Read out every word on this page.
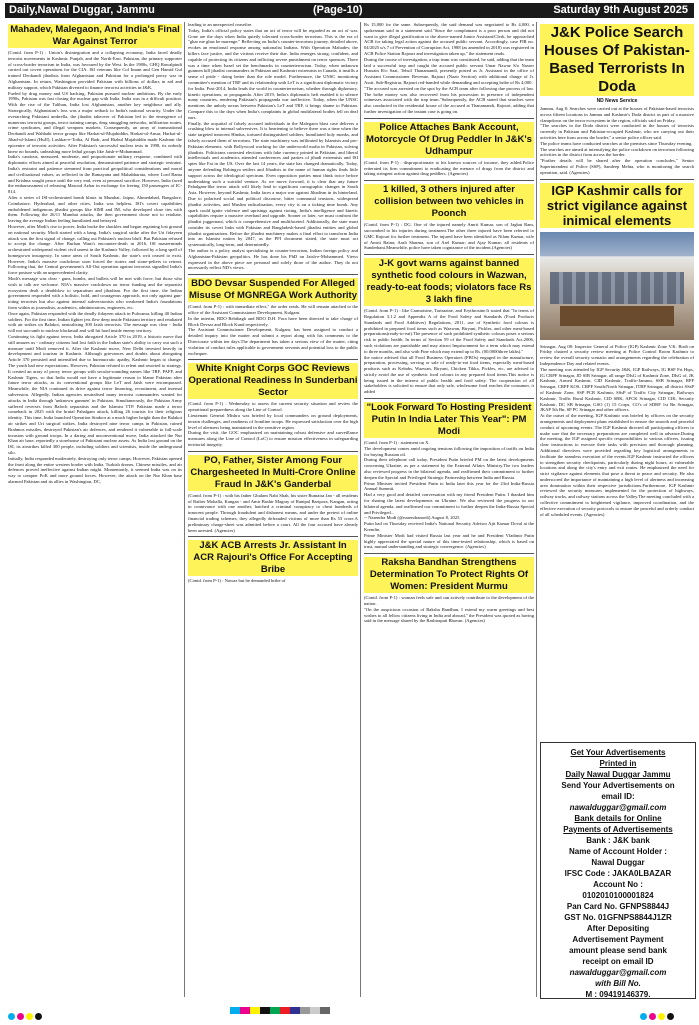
Daily,Nawal Duggar, Jammu	(Page-10)	Saturday 9th August 2025
Mahadev, Malegaon, And India's Final War Against Terror

(Contd. from P-1) : Union's disintegration and a collapsing economy, India faced deadly terrorist movements in Kashmir, Punjab, and the North-East. Pakistan, the primary supporter of cross-border terrorism in India, was favoured by the West. In the 1980s, GHQ Rawalpindi carried out covert operations for the CIA. ISI veterans like Col Imam and Gen Hamid Gul trained Deobandi jihadists from Afghanistan and Pakistan for a prolonged proxy war in Afghanistan. In return, Washington provided Pakistan with billions of dollars in aid and military support, which Pakistan diverted to finance terrorist activities in J&K.

Fueled by drug money and US backing, Pakistan pursued nuclear ambitions. By the early 1990s, Pakistan was fast closing the nuclear gap with India. India was in a difficult position. With the rise of the Taliban, India lost Afghanistan, another key neighbour and ally. Strategically, Afghanistan's loss was a major setback to India's national security. Under the overarching Pakistani umbrella, the jihadist takeover of Pakistan led to the emergence of numerous terrorist groups, terror training camps, drug smuggling networks, infiltration routes, crime syndicates, and illegal weapons markets. Consequently, an array of transnational Deobandi and Wahhabi terror groups like Harkat-ul-Mujahiddin, Harkat-ul-Ansar, Harkat-ul-Jihad-ul-Islami (HuJI), Lashkar-e-Toiba, Al Badr, and Hizbul Mujahiddin made Kashmir the epicentre of terrorist activities. After Pakistan's successful nuclear tests in 1998, its nobody knew no bounds, unleashing more lethal groups like Jaish-e-Mohammad.

India's cautious, measured, moderate, and proportionate military response, combined with diplomatic efforts aimed at peaceful resolution, demonstrated patience and strategic restraint. India's restraint and patience stemmed from practical geopolitical considerations and moral and civilisational values, as reflected in the Ramayana and Mahabharata, where Lord Rama and Krishna sought peace until the very end, even at personal sacrifice. However, India faced the embarrassment of releasing Masood Azhar in exchange for freeing 150 passengers of IC-814.

After a series of ISI-orchestrated bomb blasts in Mumbai, Jaipur, Ahmedabad, Bangalore, Coimbatore, Hyderabad, and other cities, India was helpless. ISI's covert capabilities emboldened indigenous jihadist groups like SIMI and IM, who developed close ties with them. Following the 26/11 Mumbai attacks, the then government chose not to retaliate, leaving the average Indian feeling humiliated and betrayed.

However, after Modi's rise to power, India broke the shackles and began regaining lost ground on national security. Modi started with a bang. India's surgical strike after the Uri fidayeen attack was the first signal of change, calling out Pakistan's nuclear bluff. But Pakistan refused to accept the change. After Burhan Wani's encounter-death in 2016, ISI masterminds orchestrated widespread violent civil unrest in the Kashmir Valley, followed by a long spell of homegrown insurgency. In some areas of South Kashmir, the state's writ ceased to exist. However, India's massive crackdown soon forced the rioters and stone-pelters to retreat. Following that, the Central government's All-Out operation against terrorists signalled India's force posture with an unprecedented clarity.

Modi's message was clear - guns, bombs, and bullets will be met with force, but those who wish to talk are welcome. NIA's massive crackdown on terror funding and the separatist ecosystem dealt a deathblow to separatism and jihadism. For the first time, the Indian government responded with a holistic, bold, and courageous approach, not only against gun-toting terrorists but also against internal subversionists who weakened India's foundations from within as journalists, academics, administrators, engineers, etc.

Once again, Pakistan responded with the deadly fidayeen attack in Pulwama, killing 40 Indian soldiers. For the first time, Indian fighter jets flew deep inside Pakistani territory and retaliated with air strikes on Balakot, neutralising 300 Jaish terrorists. The message was clear - India will not succumb to nuclear blackmail and will hit hard inside enemy territory.

Continuing its fight against terror, India abrogated Article 370 in 2019, a historic move that still amazes us - ordinary citizens had lost faith in the Indian state's ability to carry out such a measure until Modi removed it. After the Kashmir move, New Delhi invested heavily in development and tourism in Kashmir. Although grievances and doubts about abrogating Article 370 persisted and intensified due to bureaucratic apathy, Kashmir began to change. The youth had new expectations. However, Pakistan refused to relent and resorted to strategy. It created an array of proxy terror groups with secular-sounding names like TRF, PAFF, and Kashmir Tigers, so that India would not have a legitimate reason to blame Pakistan after future terror attacks, as its conventional groups like LeT and Jaish were encompassed. Meanwhile, the NIA continued its drive against terror financing, recruitment, and internal subversion. Allegedly, Indian agencies neutralised many terrorist commanders wanted for attacks in India through 'unknown gunmen' in Pakistan. Simultaneously, the Pakistan Army suffered reverses from Baloch separatists and the Islamist TTP. Pakistan made a terror comeback in 2025 with the brutal Pahalgam attack, killing 26 tourists for their religious identity. This time, India launched Operation Sindoor at a much higher height than the Balakot air strikes and Uri surgical strikes. India destroyed nine terror camps in Pakistan, ruined Brahmos missiles, destroyed Pakistan's air defences, and rendered it vulnerable to full-scale invasion with ground troops. In a daring and unconventional move, India attacked the Nur Khan air base, reportedly a storehouse of Pakistani nuclear assets. As India lost ground on the ISI, its airstrikes killed 300 people, including soldiers and scientists, inside the underground silo.

Initially, India responded moderately, destroying only terror camps. However, Pakistan opened the front along the entire western border with India. Turkish drones, Chinese missiles, and air defences proved ineffective against Indian might. Momentarily, it seemed India was on its way to conquer PoK and more ground forces. However, the attack on the Nur Khan base alarmed Pakistan and its allies in Washington, DC,

leading to an unexpected ceasefire.

Today, India's official policy states that an act of terror will be regarded as an act of war. Gone are the days when India quietly tolerated cross-border terrorism. This is the era of "ghar me ghus ke marenge." Reflecting on India's counter-terrorism journey, detailed above, evokes an emotional response among nationalist Indians. With Operation Mahadev, the killers face justice, and the victims receive their due. India emerges strong, confident, and capable of protecting its citizens and inflicting severe punishment on terror sponsors. There was a time when Israel set the benchmarks in counterterrorism. Today, when unknown gunmen kill jihadist commanders in Pakistan and Kashmiri extremists in Canada, it instills a sense of pride - doing better than the role model. Furthermore, the UNSC monitoring committee's mention of TRF and its relationship with LeT is a significant diplomatic victory for India. Post-2014, India leads the world in counterterrorism, whether through diplomacy, kinetic operations, or propaganda. After 2019, India's diplomatic heft enabled it to silence many countries, rendering Pakistan's propaganda war ineffective. Today, when the UNSC mentions the unholy nexus between Pakistan's LeT and TRF, it brings shame to Pakistan. Compare this to the days when India's complaints in global multilateral bodies fell on deaf ears.

Finally, the acquittal of falsely accused individuals in the Malegaon blast case delivers a crushing blow to internal subversives. It is heartening to believe there was a time when the state targeted innocent Hindus, tortured distinguished soldiers, humiliated holy monks, and falsely accused them of terrorism. The state machinery was infiltrated by Islamists and pro-Pakistan elements, with Bollywood working for the underworld mafia in Pakistan, solving jihadists. Politicians contested elections with fake currency printed in Pakistan, and liberal intellectuals and academics attended conferences and parties of jihadi extremists and ISI spies like Fai in the US. Over the last 14 years, the state has changed dramatically. Today, anyone defending Rohingya settlers and Jihadists in the name of human rights finds little support across the ideological spectrum. Even opposition parties must think twice before undertaking such a suicidal venture. As we move forward, it is clear that any future Pahalgam-like terror attack will likely lead to significant cartographic changes in South Asia. However, beyond Kashmir, India faces a major war against Jihadism in its hinterland. Due to polarised social and political discourse, bitter communal tensions, widespread jihadist activities, and Muslim radicalisation, every city is on a ticking time bomb. Any spark could ignite violence and uprisings against rioting. India's intelligence and kinetic capabilities require a massive overhaul and upgrade. Sooner or later, we must confront the jihadist juggernaut, which is comprehensive and multifaceted. Additionally, the state must consider its covert links with Pakistan and Bangladesh-based jihadist entities and global jihadist organisations. Before the jihadist machinery makes a final effort to transform India into an Islamist nation by 2047, as the PFI document stated, the state must act systematically, long-term, and determinedly.

The author is a policy analyst specialising in counter-terrorism, Indian foreign policy and Afghanistan-Pakistan geopolitics. He has done his PhD on Jaish-e-Mohammed. Views expressed in the above piece are personal and solely those of the author. They do not necessarily reflect ND's views.

BDO Devsar Suspended For Alleged Misuse Of MGNREGA Work Authority

(Contd. from P-1) : with immediate effect," the order reads. He will remain attached to the office of the Assistant Commissioner Development, Kulgam.

In the interim, BDO Behibagh and BDO D.H. Pora have been directed to take charge of Block Devsar and Block Kund respectively.

The Assistant Commissioner Development, Kulgam, has been assigned to conduct a detailed inquiry into the matter and submit a report along with his comments to the Directorate within ten days.The department has taken a serious view of the matter, citing violation of conduct rules applicable to government servants and potential loss to the public exchequer.

White Knight Corps GOC Reviews Operational Readiness In Sunderbani Sector

(Contd. from P-1) : Wednesday to assess the current security situation and review the operational preparedness along the Line of Control.

Lieutenant General Mishra was briefed by local commanders on ground deployments, terrain challenges, and readiness of frontline troops. He expressed satisfaction over the high level of alertness being maintained in the sensitive region.

During the visit, the GOC emphasized on maintaining robust defensive and surveillance measures along the Line of Control (LoC) to ensure mission effectiveness in safeguarding territorial integrity.

PO, Father, Sister Among Four Chargesheeted In Multi-Crore Online Fraud In J&K's Ganderbal

(Contd. from P-1) : with his father Ghulam Nabi Shah, his sister Rumaisa Jan - all residents of Rather Mohalla, Kangan - and Amir Bashir Magray of Ranipal Baripora, Kangan, acting in connivance with one another, hatched a criminal conspiracy to cheat hundreds of innocent people. Through fraudulent and dishonest means, and under the pretext of online financial trading schemes, they allegedly defrauded victims of more than Rs 53 crore.A preliminary charge-sheet was admitted before a court. All the four accused have already been arrested. (Agencies)

J&K ACB Arrests Jr. Assistant In ACR Rajouri's Office For Accepting Bribe

(Contd. from P-1) : Nawaz but he demanded bribe of

Rs 15,000 for the same. Subsequently, the said demand was negotiated to Rs 4,000, a spokesman said in a statement said."Since the complainant is a poor person and did not want to give illegal gratification to the above-named Junior Assistant/Clerk, he approached ACB for taking legal action against the accused public servant. Accordingly, case FIR no. 04/2025 u/s 7 of Prevention of Corruption Act, 1988 (as amended in 2018) was registered in ACB Police Station Rajouri and investigation taken up," the statement reads.

During the course of investigation, a trap team was constituted, he said, adding that the team laid a successful trap and caught the accused public servant Umar Nawaz S/o Nasser Hussain R/o Saat, Tehsil Thanamandi, presently posted as Jr. Assistant in the office of Assistant Commissioner Revenue, Rajouri (Nazir Section) with additional charge of Jr. Asstt. Sub-Registrar, Rajouri red-handed while demanding and accepting bribe of Rs 4,000.

"The accused was arrested on the spot by the ACB team after following due process of law. The bribe money was also recovered from his possession in presence of independent witnesses associated with the trap team."Subsequently, the ACB stated that searches were also conducted in the residential house of the accused at Thanamandi, Rajouri, adding that further investigation of the instant case is going on.

Police Attaches Bank Account, Motorcycle Of Drug Peddler In J&K's Udhampur

(Contd. from P-1) : disproportionate to his known sources of income, they added.Police reiterated its firm commitment to eradicating the menace of drugs from the district and taking stringent action against drug peddlers. (Agencies)

1 killed, 3 others injured after collision between two vehicles in Poonch

(Contd. from P-1) : DG. One of the injured namely Amrit Kumar, son of Jagbat Ram, succumbed to his injuries during treatment.The other three injured have been referred to GMC Rajouri for further treatment. The injured have been identified as Nilam Kumar, wife of Amrit Raina; Aash Sharma, son of Arel Kumar; and Ajay Kumar; all residents of Sunderbani.Meanwhile, police have taken cognizance of the incident.(Agencies)

J-K govt warns against banned synthetic food colours in Wazwan, ready-to-eat foods; violators face Rs 3 lakh fine

(Contd. from P-1) : like Carmoisine, Tartrazine, and Erythrosine.It stated that "In terms of Regulation 3.1.2 and Appendix A of the Food Safety and Standards (Food Products Standards and Food Additives) Regulations, 2011, use of Synthetic food colours is prohibited in prepared food items such as Wazwan, Biryani, Pickles, and other meat-based preparations(ready-to-eat).The presence of such prohibited synthetic colours poses a serious risk to public health. In terms of Section 59 of the Food Safety and Standards Act,2006, such violations are punishable and may attract Imprisonment for a term which may extend to three months, and also with Fine which may extend up to Rs. (00,0000three lakhs)."

the notice advised that all Food Business Operators (FBOs) engaged in the manufacture, preparation, processing, serving or sale of ready-to-eat food items, especially meat-based products such as Kebabs, Wazwan, Biryani, Chicken Tikka, Pickles, etc, are advised to strictly avoid the use of synthetic food colours in any prepared food items.This notice is being issued in the interest of public health and food safety. The cooperation of all stakeholders is solicited to ensure that only safe, wholesome food reaches the consumer, it added

"Look Forward To Hosting President Putin In India Later This Year": PM Modi

(Contd. from P-1) : statement on X.

The development comes amid ongoing tensions following the imposition of tariffs on India for buying Russian oil.

During their telephone call today, President Putin briefed PM on the latest developments concerning Ukraine, as per a statement by the External Affairs Ministry.The two leaders also reviewed progress in the bilateral agenda, and reaffirmed their commitment to further deepen the Special and Privileged Strategic Partnership between India and Russia.

Prime Minister invited President Putin to India later this year for the 23rd India-Russia Annual Summit.

Had a very good and detailed conversation with my friend President Putin. I thanked him for sharing the latest developments on Ukraine. We also reviewed the progress in our bilateral agenda, and reaffirmed our commitment to further deepen the India-Russia Special and Privileged...

-- Narendra Modi (@narendramodi) August 8, 2025

Putin had on Thursday received India's National Security Advisor Ajit Kumar Doval at the Kremlin.

Prime Minister Modi had visited Russia last year and he and President Vladimir Putin highly appreciated the special nature of this time-tested relationship, which is based on trust, mutual understanding and strategic convergence. (Agencies)

Raksha Bandhan Strengthens Determination To Protect Rights Of Women: President Murmu

(Contd. from P-1) : woman feels safe and can actively contribute to the development of the nation.

"On the auspicious occasion of Raksha Bandhan, I extend my warm greetings and best wishes to all fellow citizens living in India and abroad," the President was quoted as having said in the message shared by the Rashtrapati Bhavan. (Agencies)

J&K Police Search Houses Of Pakistan-Based Terrorists In Doda
ND News Service

Jammu, Aug 8: Searches were carried out at the houses of Pakistan-based terrorists across fifteen locations in Jammu and Kashmir's Doda district as part of a massive clampdown on the terror ecosystem in the region, officials said on Friday.

"The searches in the Doda district were conducted in the houses of terrorists currently in Pakistan and Pakistan-occupied Kashmir, who are carrying out their activities here from across the border," a senior police officer said.

The police teams have conducted searches at the premises since Thursday evening.

The searches are aimed at intensifying the police crackdown on terrorism following activities in the district from across the border.

"Further details will be shared after the operation concludes," Senior Superintendent of Police (SSP), Sandeep Mehta, who is monitoring the search operation, said. (Agencies)

IGP Kashmir calls for strict vigilance against inimical elements

Srinagar, Aug 08: Inspector General of Police (IGP) Kashmir Zone V.K. Birdi on Friday chaired a security review meeting at Police Control Room Kashmir to review the overall security scenario and arrangements regarding the celebration of Independence Day and related events.

The meeting was attended by IGP Security J&K, IGP Railways, IG BSF Frt Hqrs, IG CRPF Srinagar, JD SIB Srinagar, all range DIsG of Kashmir Zone, DIsG of, JK Kashmir, Armed Kashmir, CID Kashmir, Traffic-Jammu, SSB Srinagar, RPF Srinagar, CRPF KOS, CRPF South/North Srinagar, ITBP Srinagar, all district SSsP of Kashmir Zone, SSP PCR Kashmir, SSsP of Traffic City Srinagar, Railways Kashmir, Traffic Rural Kashmir, CID SBK, AFCK Srinagar, CID CIK, Security Kashmir, DC SB Srinagar, GSO (1) 15 Corps, CO's of SDRF 1st Bn Srinagar, JKAP 5th Bn, SP PC Srinagar and other officers.

At the outset of the meeting, IGP Kashmir was briefed by officers on the security arrangements and deployment plans established to ensure the smooth and peaceful conduct of upcoming events. The IGP Kashmir directed all participating officers to make sure that the necessary preparations are completed well in advance.During the meeting, the IGP assigned specific responsibilities to various officers, issuing clear instructions to execute their tasks with precision and thorough planning. Additional directives were provided regarding key logistical arrangements to facilitate the seamless execution of the events.IGP Kashmir instructed the officers to strengthen security checkpoints, particularly during night hours, at vulnerable locations and along the city's entry and exit routes. He emphasized the need for strict vigilance against elements that pose a threat to peace and security. He also underscored the importance of maintaining a high level of alertness and increasing area domination within their respective jurisdictions.Furthermore, IGP Kashmir reviewed the security measures implemented for the protection of highways, railway tracks, and railway stations across the Valley.The meeting concluded with a collective commitment to heightened vigilance, improved coordination, and the effective execution of security protocols to ensure the peaceful and orderly conduct of all scheduled events. (Agencies)

Get Your Advertisements
Printed in
Daily Nawal Duggar Jammu
Send Your Advertisements on
email ID:
nawalduggar@gmail.com
Bank details for Online
Payments of Advertisements
Bank : J&K bank
Name of Account Holder :
Nawal Duggar
IFSC Code : JAKA0LBAZAR
Account No :
0102010100001824
Pan Card No. GFNPS8844J
GST No. 01GFNPS8844J1ZR
After Depositing
Advertisement Payment
amount please send bank
receipt on email ID
nawalduggar@gmail.com
with Bill No.
M : 09419146379.
